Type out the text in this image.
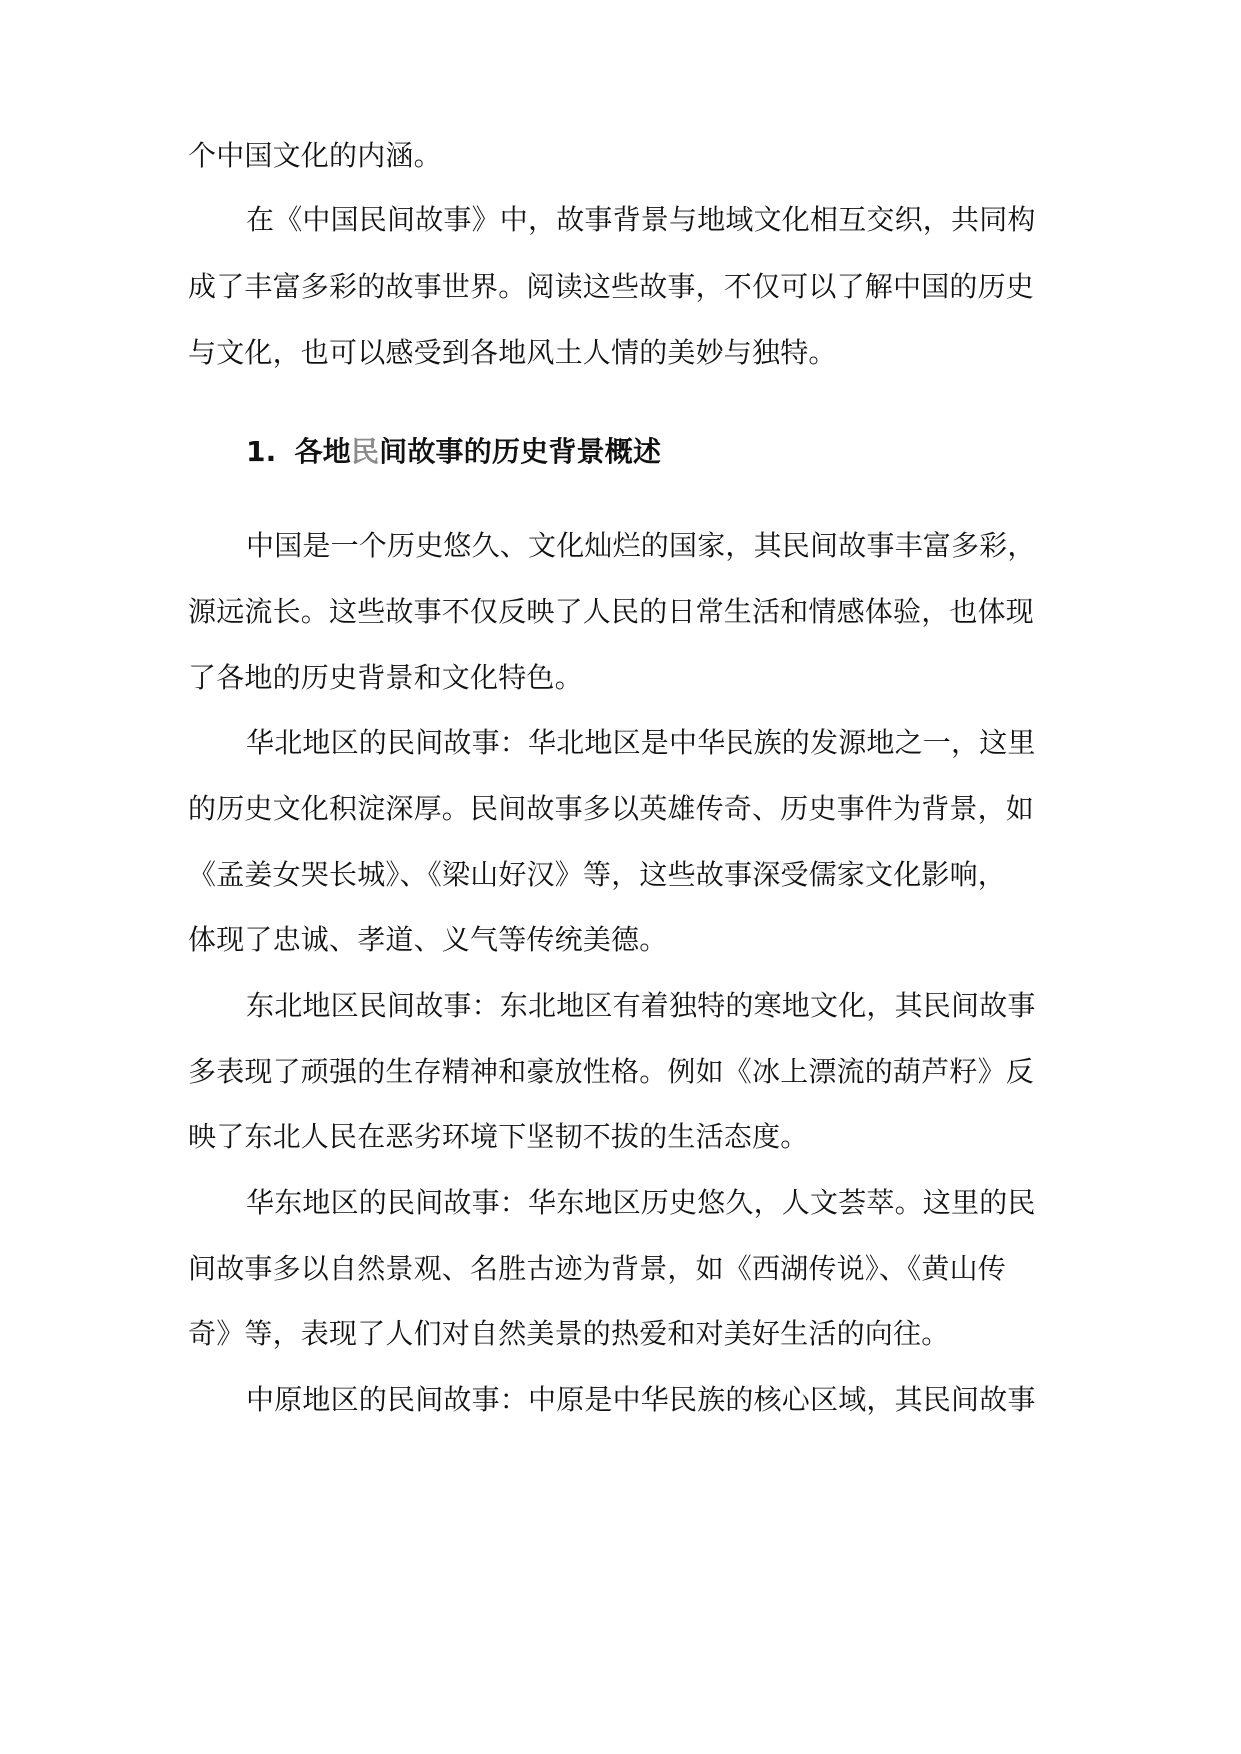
个中国文化的内涵。
在《中国民间故事》中，故事背景与地域文化相互交织，共同构
成了丰富多彩的故事世界。阅读这些故事，不仅可以了解中国的历史
与文化，也可以感受到各地风土人情的美妙与独特。
1. 各地民间故事的历史背景概述
中国是一个历史悠久、文化灿烂的国家，其民间故事丰富多彩，
源远流长。这些故事不仅反映了人民的日常生活和情感体验，也体现
了各地的历史背景和文化特色。
华北地区的民间故事：华北地区是中华民族的发源地之一，这里
的历史文化积淀深厚。民间故事多以英雄传奇、历史事件为背景，如
《孟姜女哭长城》、《梁山好汉》等，这些故事深受儒家文化影响，
体现了忠诚、孝道、义气等传统美德。
东北地区民间故事：东北地区有着独特的寒地文化，其民间故事
多表现了顽强的生存精神和豪放性格。例如《冰上漂流的葫芦籽》反
映了东北人民在恶劣环境下坚韧不拔的生活态度。
华东地区的民间故事：华东地区历史悠久，人文荟萃。这里的民
间故事多以自然景观、名胜古迹为背景，如《西湖传说》、《黄山传
奇》等，表现了人们对自然美景的热爱和对美好生活的向往。
中原地区的民间故事：中原是中华民族的核心区域，其民间故事
